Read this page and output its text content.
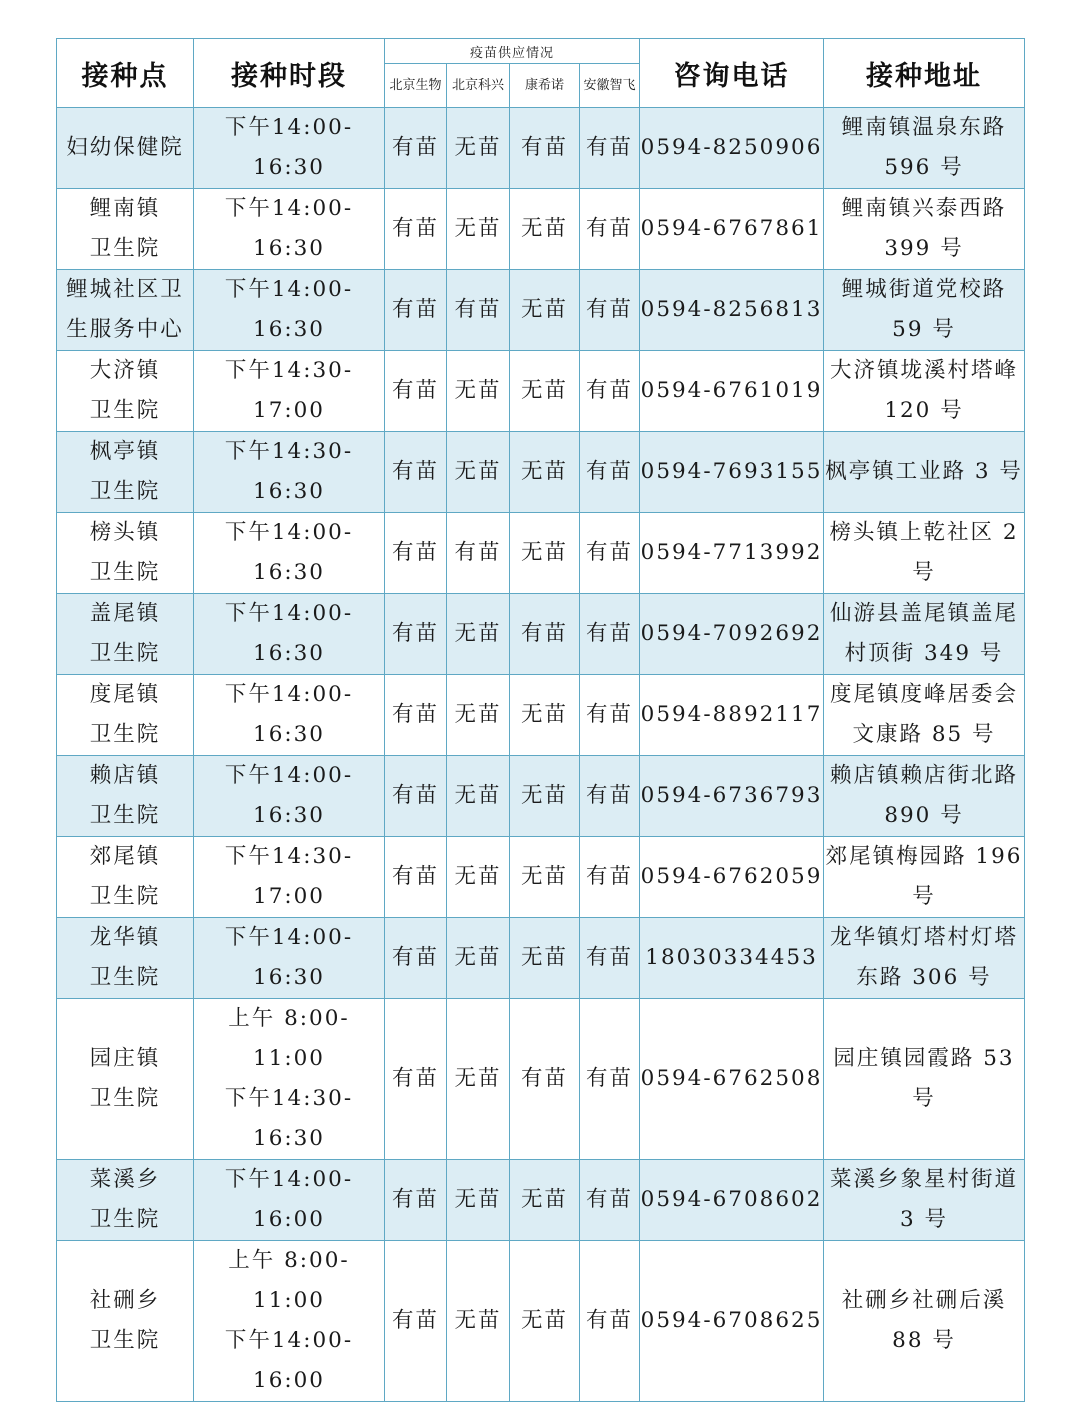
接种点	接种时段	疫苗供应情况				咨询电话	接种地址
		北京生物	北京科兴	康希诺	安徽智飞		

妇幼保健院	下午14:00-16:30	有苗	无苗	有苗	有苗	0594-8250906	鲤南镇温泉东路
596 号

鲤南镇
卫生院	下午14:00-16:30	有苗	无苗	无苗	有苗	0594-6767861	鲤南镇兴泰西路
399 号

鲤城社区卫
生服务中心	下午14:00-16:30	有苗	有苗	无苗	有苗	0594-8256813	鲤城街道党校路
59 号

大济镇
卫生院	下午14:30-17:00	有苗	无苗	无苗	有苗	0594-6761019	大济镇垅溪村塔峰
120 号

枫亭镇
卫生院	下午14:30-16:30	有苗	无苗	无苗	有苗	0594-7693155	枫亭镇工业路 3 号

榜头镇
卫生院	下午14:00-16:30	有苗	有苗	无苗	有苗	0594-7713992	榜头镇上乾社区 2
号

盖尾镇
卫生院	下午14:00-16:30	有苗	无苗	有苗	有苗	0594-7092692	仙游县盖尾镇盖尾
村顶街 349 号

度尾镇
卫生院	下午14:00-16:30	有苗	无苗	无苗	有苗	0594-8892117	度尾镇度峰居委会
文康路 85 号

赖店镇
卫生院	下午14:00-16:30	有苗	无苗	无苗	有苗	0594-6736793	赖店镇赖店街北路
890 号

郊尾镇
卫生院	下午14:30-17:00	有苗	无苗	无苗	有苗	0594-6762059	郊尾镇梅园路 196
号

龙华镇
卫生院	下午14:00-16:30	有苗	无苗	无苗	有苗	18030334453	龙华镇灯塔村灯塔
东路 306 号

园庄镇
卫生院	上午 8:00-11:00
下午14:30-16:30	有苗	无苗	有苗	有苗	0594-6762508	园庄镇园霞路 53
号

菜溪乡
卫生院	下午14:00-16:00	有苗	无苗	无苗	有苗	0594-6708602	菜溪乡象星村街道
3 号

社硎乡
卫生院	上午 8:00-11:00
下午14:00-16:00	有苗	无苗	无苗	有苗	0594-6708625	社硎乡社硎后溪
88 号
